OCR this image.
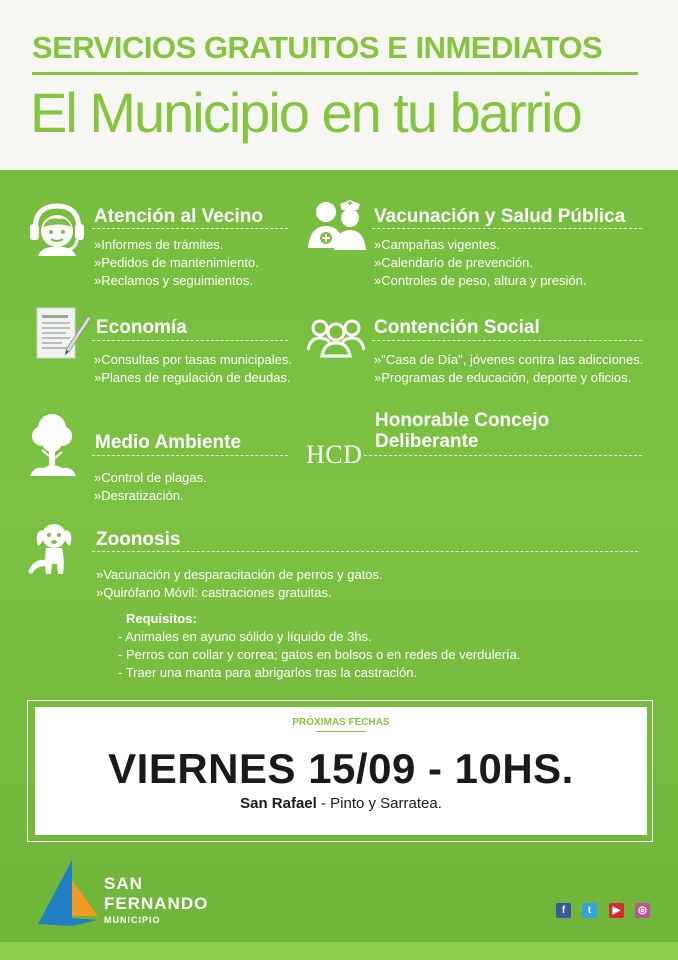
SERVICIOS GRATUITOS E INMEDIATOS
El Municipio en tu barrio
Atención al Vecino
»Informes de trámites.
»Pedidos de mantenimiento.
»Reclamos y seguimientos.
Vacunación y Salud Pública
»Campañas vigentes.
»Calendario de prevención.
»Controles de peso, altura y presión.
Economía
»Consultas por tasas municipales.
»Planes de regulación de deudas.
Contención Social
»"Casa de Día", jóvenes contra las adicciones.
»Programas de educación, deporte y oficios.
Medio Ambiente
»Control de plagas.
»Desratización.
Honorable Concejo
Deliberante
HCD
Zoonosis
»Vacunación y desparacitación de perros y gatos.
»Quirófano Móvil: castraciones gratuitas.
Requisitos:
- Animales en ayuno sólido y líquido de 3hs.
- Perros con collar y correa; gatos en bolsos o en redes de verdulería.
- Traer una manta para abrigarlos tras la castración.
PRÓXIMAS FECHAS
VIERNES 15/09 - 10HS.
San Rafael - Pinto y Sarratea.
SAN
FERNANDO
MUNICIPIO
f	t	▶	◎
